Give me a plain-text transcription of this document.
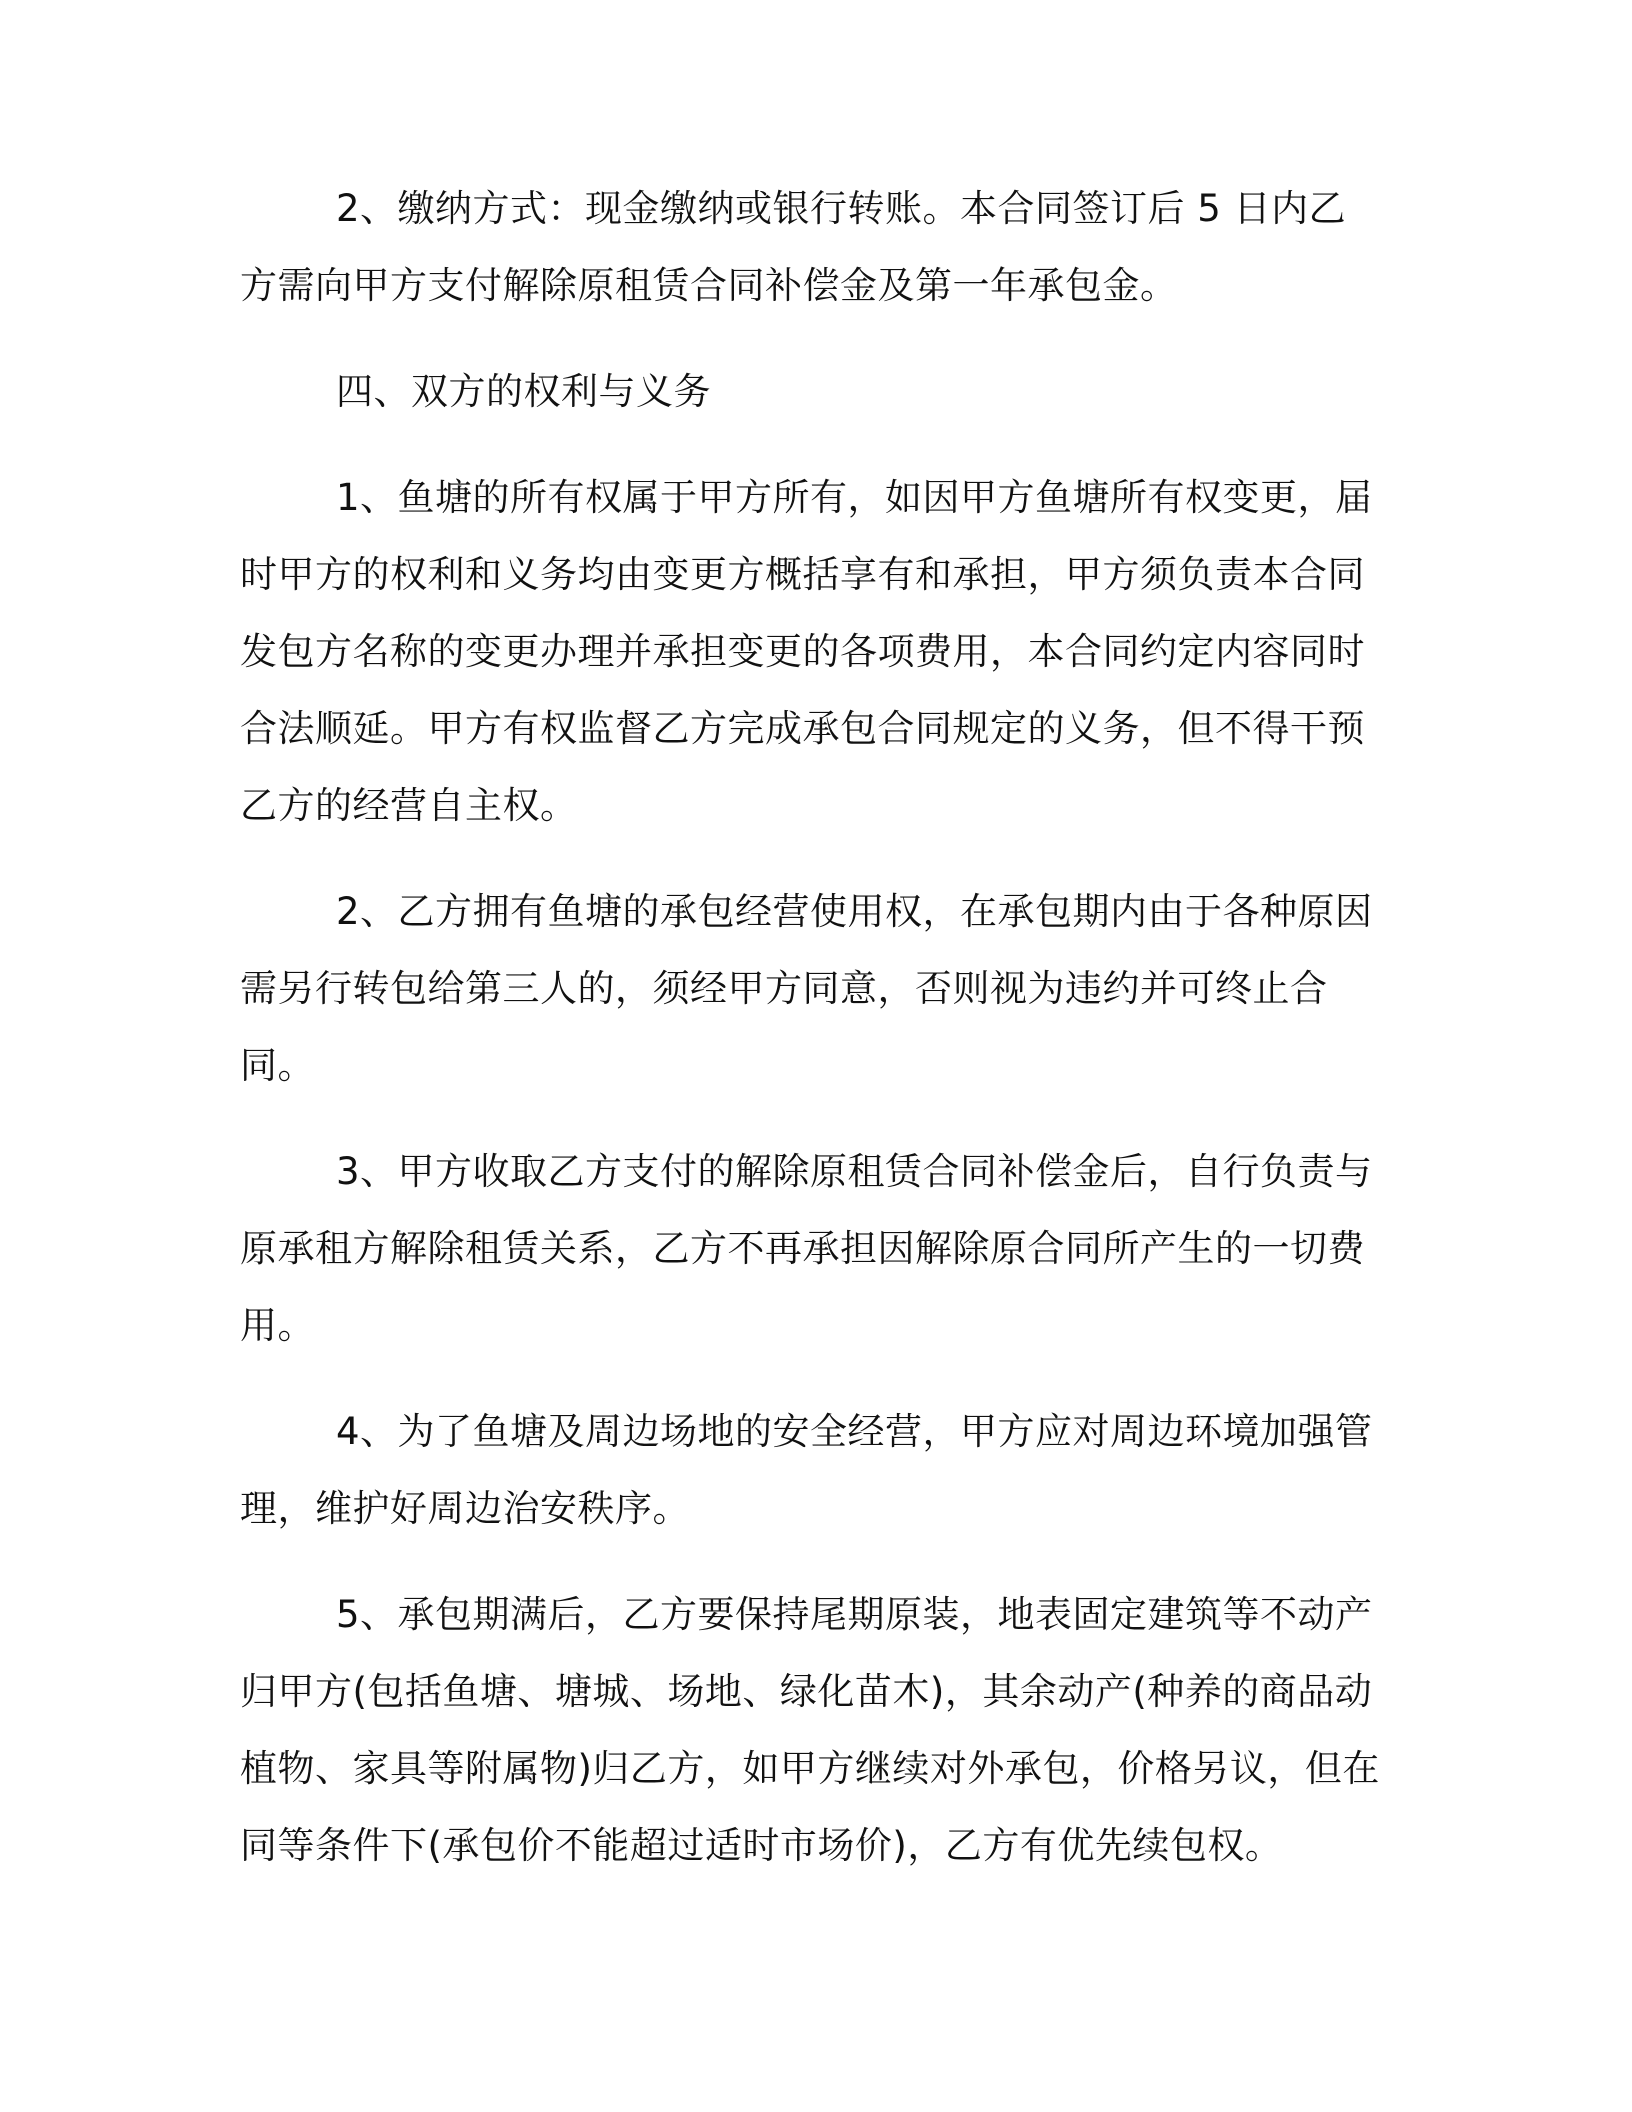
2、缴纳方式：现金缴纳或银行转账。本合同签订后 5 日内乙方需向甲方支付解除原租赁合同补偿金及第一年承包金。

四、双方的权利与义务

1、鱼塘的所有权属于甲方所有，如因甲方鱼塘所有权变更，届时甲方的权利和义务均由变更方概括享有和承担，甲方须负责本合同发包方名称的变更办理并承担变更的各项费用，本合同约定内容同时合法顺延。甲方有权监督乙方完成承包合同规定的义务，但不得干预乙方的经营自主权。

2、乙方拥有鱼塘的承包经营使用权，在承包期内由于各种原因需另行转包给第三人的，须经甲方同意，否则视为违约并可终止合同。

3、甲方收取乙方支付的解除原租赁合同补偿金后，自行负责与原承租方解除租赁关系，乙方不再承担因解除原合同所产生的一切费用。

4、为了鱼塘及周边场地的安全经营，甲方应对周边环境加强管理，维护好周边治安秩序。

5、承包期满后，乙方要保持尾期原装，地表固定建筑等不动产归甲方(包括鱼塘、塘城、场地、绿化苗木)，其余动产(种养的商品动植物、家具等附属物)归乙方，如甲方继续对外承包，价格另议，但在同等条件下(承包价不能超过适时市场价)，乙方有优先续包权。
